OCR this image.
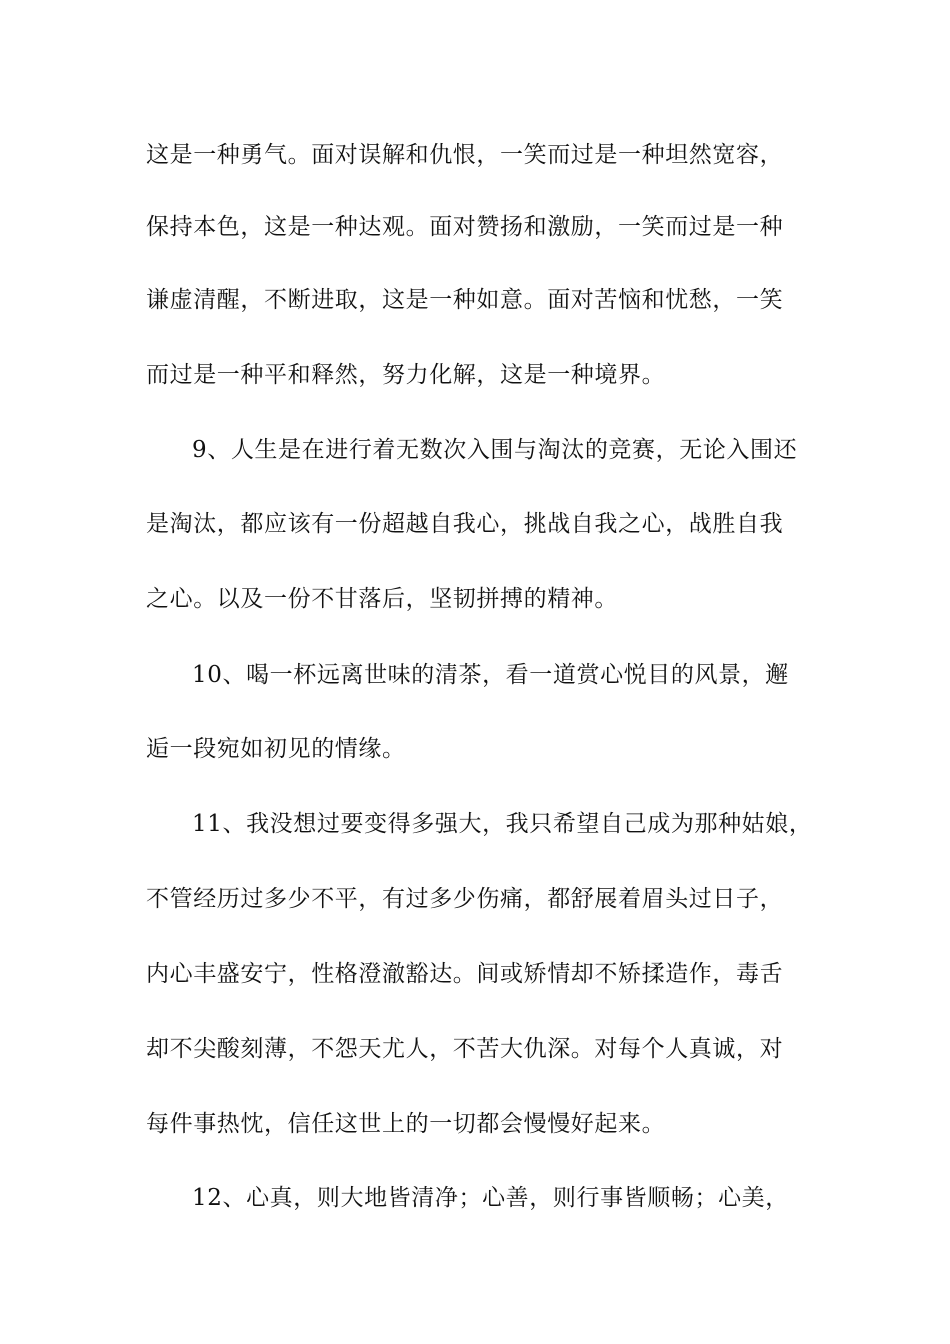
这是一种勇气。面对误解和仇恨，一笑而过是一种坦然宽容，
保持本色，这是一种达观。面对赞扬和激励，一笑而过是一种
谦虚清醒，不断进取，这是一种如意。面对苦恼和忧愁，一笑
而过是一种平和释然，努力化解，这是一种境界。
9、人生是在进行着无数次入围与淘汰的竞赛，无论入围还
是淘汰，都应该有一份超越自我心，挑战自我之心，战胜自我
之心。以及一份不甘落后，坚韧拼搏的精神。
10、喝一杯远离世味的清茶，看一道赏心悦目的风景，邂
逅一段宛如初见的情缘。
11、我没想过要变得多强大，我只希望自己成为那种姑娘，
不管经历过多少不平，有过多少伤痛，都舒展着眉头过日子，
内心丰盛安宁，性格澄澈豁达。间或矫情却不矫揉造作，毒舌
却不尖酸刻薄，不怨天尤人，不苦大仇深。对每个人真诚，对
每件事热忱，信任这世上的一切都会慢慢好起来。
12、心真，则大地皆清净；心善，则行事皆顺畅；心美，
